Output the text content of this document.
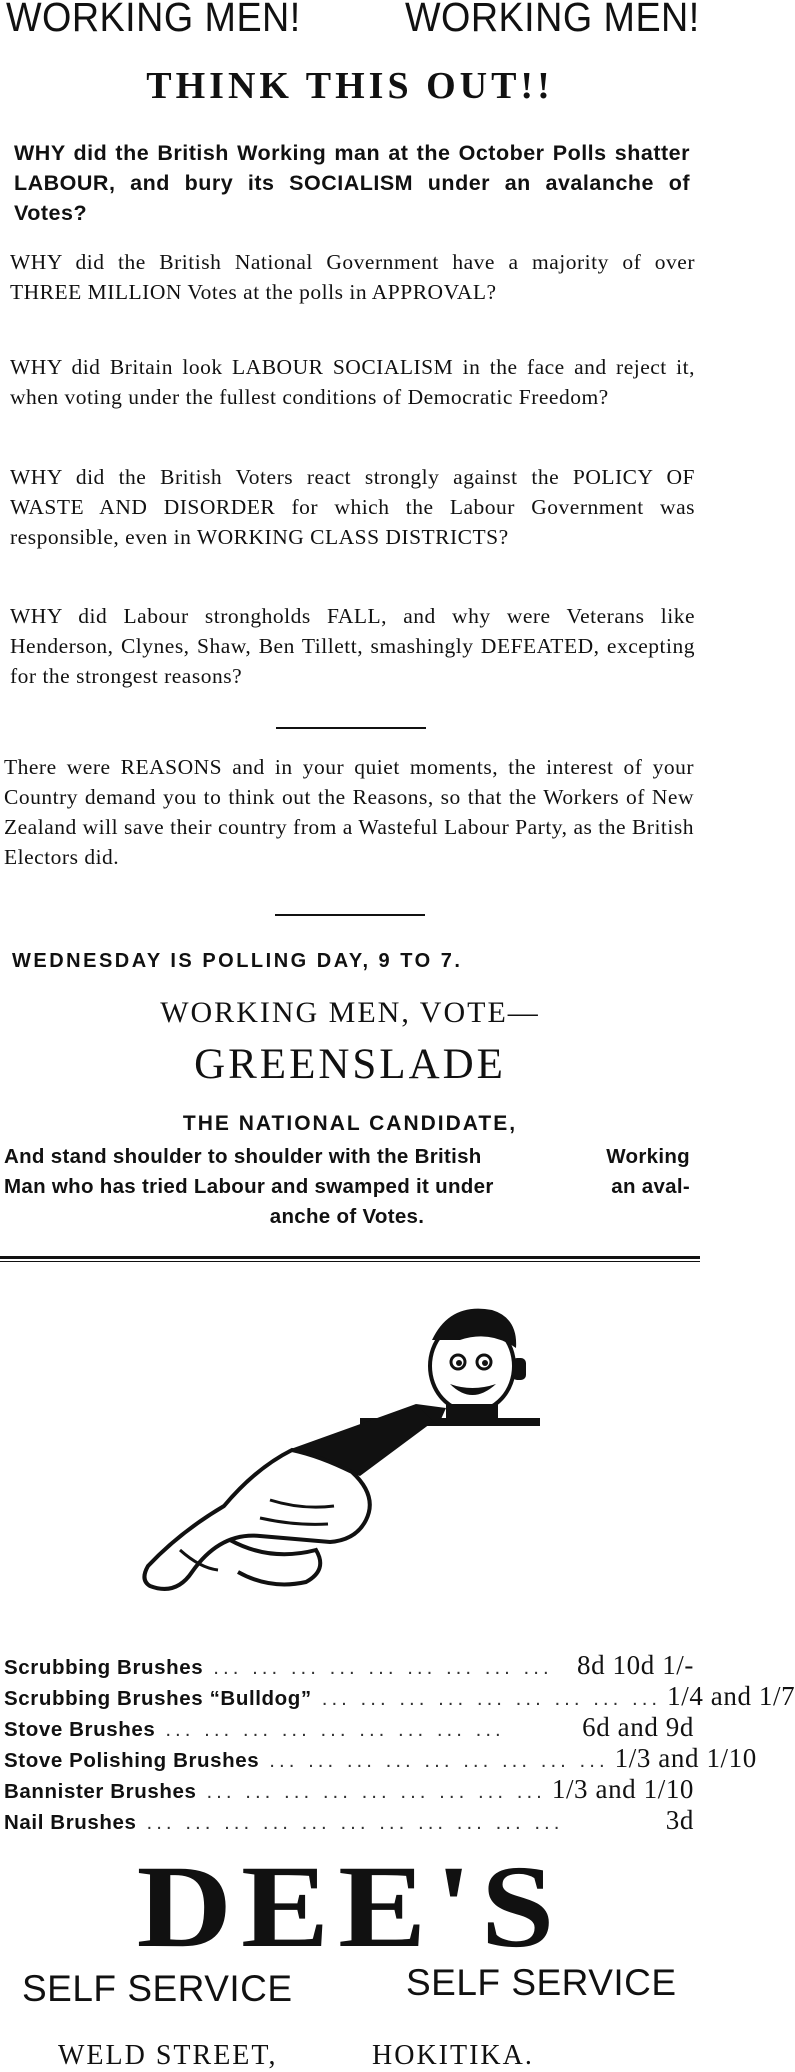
WORKING MEN!	WORKING MEN!
THINK THIS OUT!!
WHY did the British Working man at the October Polls shatter LABOUR, and bury its SOCIALISM under an avalanche of Votes?
WHY did the British National Government have a majority of over THREE MILLION Votes at the polls in APPROVAL?
WHY did Britain look LABOUR SOCIALISM in the face and reject it, when voting under the fullest conditions of Democratic Freedom?
WHY did the British Voters react strongly against the POLICY OF WASTE AND DISORDER for which the Labour Government was responsible, even in WORKING CLASS DISTRICTS?
WHY did Labour strongholds FALL, and why were Veterans like Henderson, Clynes, Shaw, Ben Tillett, smashingly DEFEATED, excepting for the strongest reasons?
There were REASONS and in your quiet moments, the interest of your Country demand you to think out the Reasons, so that the Workers of New Zealand will save their country from a Wasteful Labour Party, as the British Electors did.
WEDNESDAY IS POLLING DAY, 9 TO 7.
WORKING MEN, VOTE—
GREENSLADE
THE NATIONAL CANDIDATE,
And stand shoulder to shoulder with the British	Working
Man who has tried Labour and swamped it under	an aval-
anche of Votes.
Scrubbing Brushes ... ... ... ... ... ... ... ... ... 8d 10d 1/-
Scrubbing Brushes “Bulldog” ... ... ... ... ... ... ... ... ... 1/4 and 1/7
Stove Brushes ... ... ... ... ... ... ... ... ...	6d and 9d
Stove Polishing Brushes ... ... ... ... ... ... ... ... ... 1/3 and 1/10
Bannister Brushes ... ... ... ... ... ... ... ... ... 1/3 and 1/10
Nail Brushes ... ... ... ... ... ... ... ... ... ... ...	3d
DEE'S
SELF SERVICE	SELF SERVICE
WELD STREET,	HOKITIKA.
